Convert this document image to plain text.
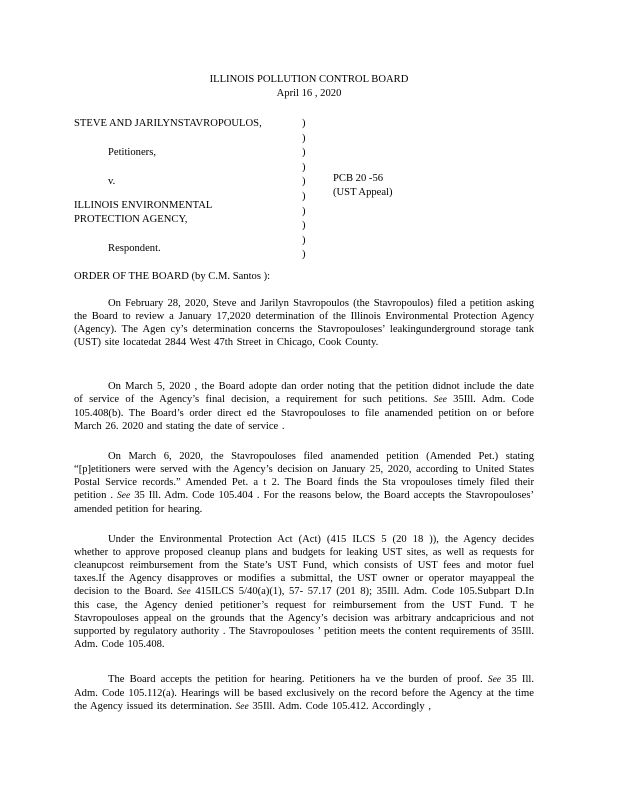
ILLINOIS POLLUTION CONTROL BOARD
April 16 , 2020
STEVE AND JARILYNSTAVROPOULOS,
Petitioners,
v.
ILLINOIS ENVIRONMENTAL
PROTECTION AGENCY,
Respondent.
)
)
)
)
)
)
)
)
)
)
PCB 20 -56
(UST Appeal)
ORDER OF THE BOARD (by C.M. Santos ):
On February 28, 2020, Steve and Jarilyn Stavropoulos (the Stavropoulos) filed a petition asking the Board to review a January 17,2020 determination of the Illinois Environmental Protection Agency (Agency). The Agen cy’s determination concerns the Stavropouloses’ leakingunderground storage tank (UST) site locatedat 2844 West 47th Street in Chicago, Cook County.
On March 5, 2020 , the Board adopte dan order noting that the petition didnot include the date of service of the Agency’s final decision, a requirement for such petitions. See 35Ill. Adm. Code 105.408(b). The Board’s order direct ed the Stavropouloses to file anamended petition on or before March 26. 2020 and stating the date of service .
On March 6, 2020, the Stavropouloses filed anamended petition (Amended Pet.) stating “[p]etitioners were served with the Agency’s decision on January 25, 2020, according to United States Postal Service records.” Amended Pet. a t 2. The Board finds the Sta vropouloses timely filed their petition . See 35 Ill. Adm. Code 105.404 . For the reasons below, the Board accepts the Stavropouloses’ amended petition for hearing.
Under the Environmental Protection Act (Act) (415 ILCS 5 (20 18 )), the Agency decides whether to approve proposed cleanup plans and budgets for leaking UST sites, as well as requests for cleanupcost reimbursement from the State’s UST Fund, which consists of UST fees and motor fuel taxes.If the Agency disapproves or modifies a submittal, the UST owner or operator mayappeal the decision to the Board. See 415ILCS 5/40(a)(1), 57- 57.17 (201 8); 35Ill. Adm. Code 105.Subpart D.In this case, the Agency denied petitioner’s request for reimbursement from the UST Fund. T he Stavropouloses appeal on the grounds that the Agency’s decision was arbitrary andcapricious and not supported by regulatory authority . The Stavropouloses ’ petition meets the content requirements of 35Ill. Adm. Code 105.408.
The Board accepts the petition for hearing. Petitioners ha ve the burden of proof. See 35 Ill. Adm. Code 105.112(a). Hearings will be based exclusively on the record before the Agency at the time the Agency issued its determination. See 35Ill. Adm. Code 105.412. Accordingly ,
